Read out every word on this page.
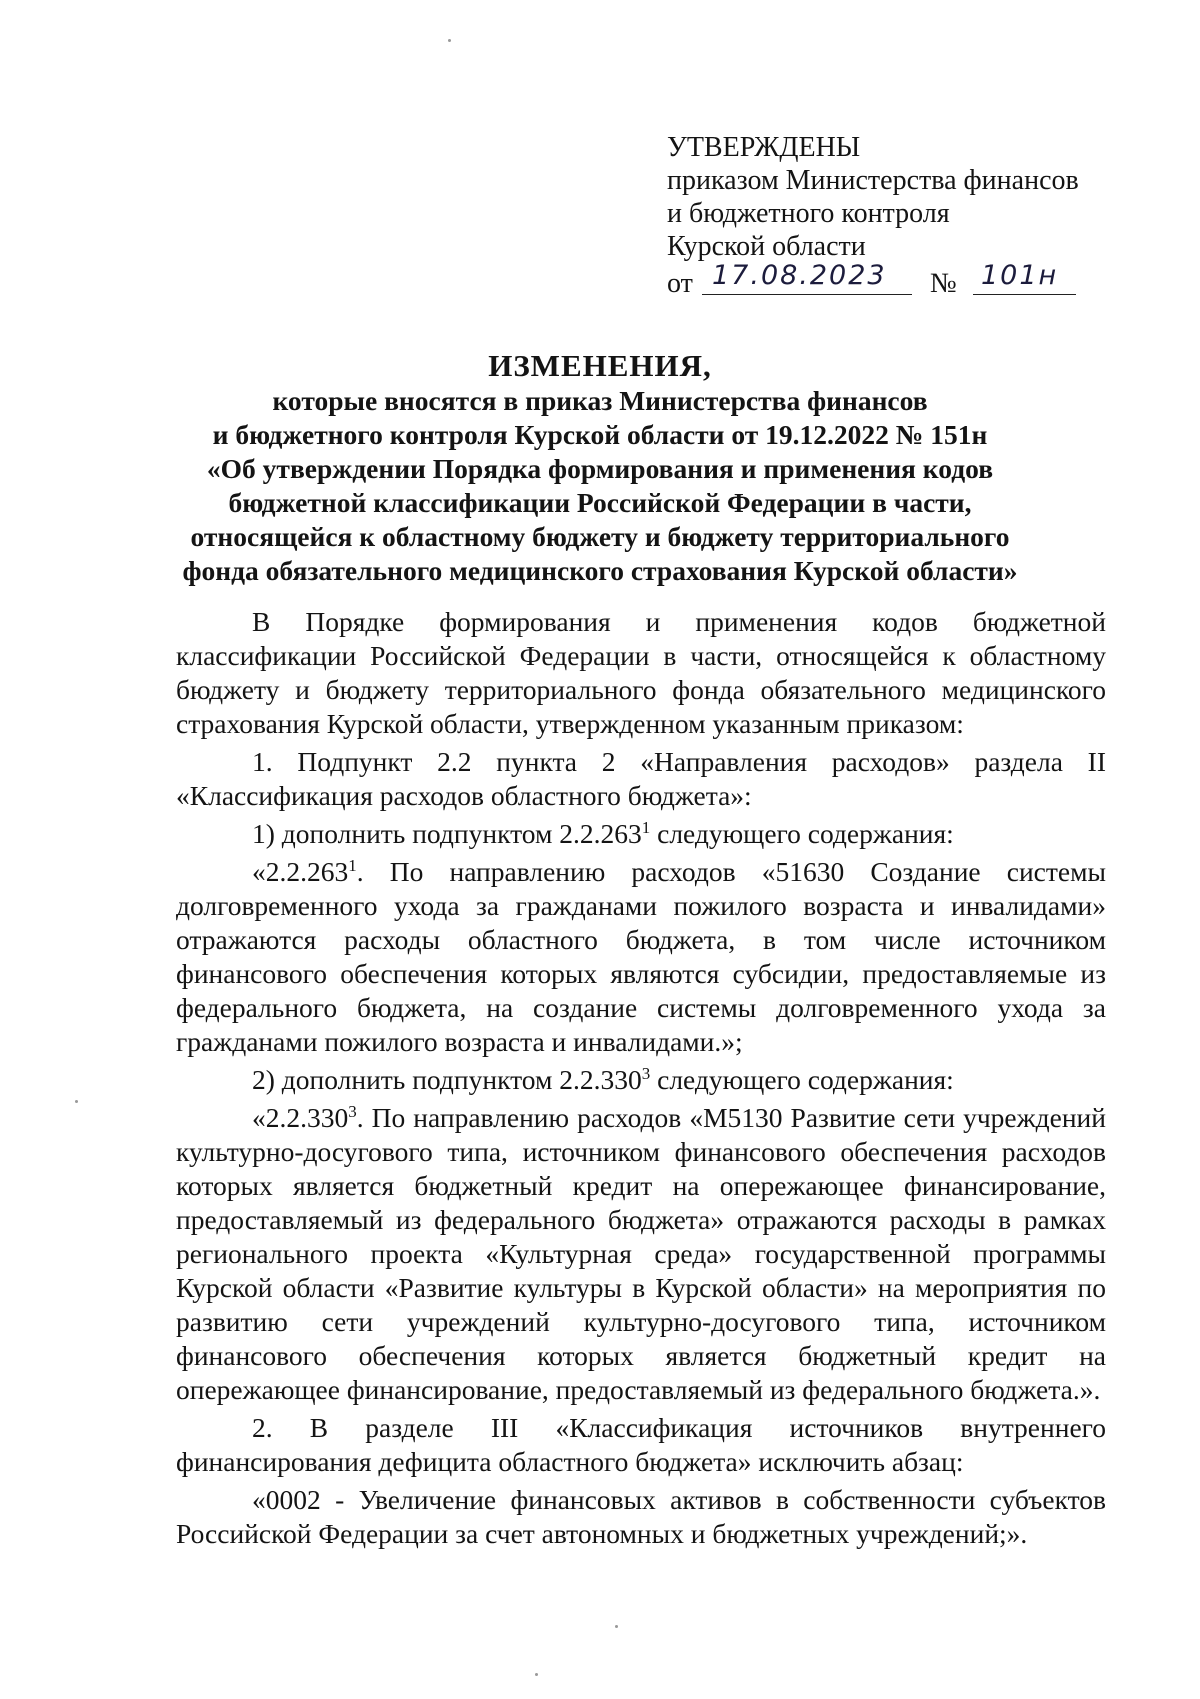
УТВЕРЖДЕНЫ
приказом Министерства финансов
и бюджетного контроля
Курской области
от 17.08.2023 № 101н
ИЗМЕНЕНИЯ,
которые вносятся в приказ Министерства финансов
и бюджетного контроля Курской области от 19.12.2022 № 151н
«Об утверждении Порядка формирования и применения кодов
бюджетной классификации Российской Федерации в части,
относящейся к областному бюджету и бюджету территориального
фонда обязательного медицинского страхования Курской области»

В Порядке формирования и применения кодов бюджетной классификации Российской Федерации в части, относящейся к областному бюджету и бюджету территориального фонда обязательного медицинского страхования Курской области, утвержденном указанным приказом:

1. Подпункт 2.2 пункта 2 «Направления расходов» раздела II «Классификация расходов областного бюджета»:

1) дополнить подпунктом 2.2.263$^1$ следующего содержания:

«2.2.263$^1$. По направлению расходов «51630 Создание системы долговременного ухода за гражданами пожилого возраста и инвалидами» отражаются расходы областного бюджета, в том числе источником финансового обеспечения которых являются субсидии, предоставляемые из федерального бюджета, на создание системы долговременного ухода за гражданами пожилого возраста и инвалидами.»;

2) дополнить подпунктом 2.2.330$^3$ следующего содержания:

«2.2.330$^3$. По направлению расходов «М5130 Развитие сети учреждений культурно-досугового типа, источником финансового обеспечения расходов которых является бюджетный кредит на опережающее финансирование, предоставляемый из федерального бюджета» отражаются расходы в рамках регионального проекта «Культурная среда» государственной программы Курской области «Развитие культуры в Курской области» на мероприятия по развитию сети учреждений культурно-досугового типа, источником финансового обеспечения которых является бюджетный кредит на опережающее финансирование, предоставляемый из федерального бюджета.».

2. В разделе III «Классификация источников внутреннего финансирования дефицита областного бюджета» исключить абзац:

«0002 - Увеличение финансовых активов в собственности субъектов Российской Федерации за счет автономных и бюджетных учреждений;».
